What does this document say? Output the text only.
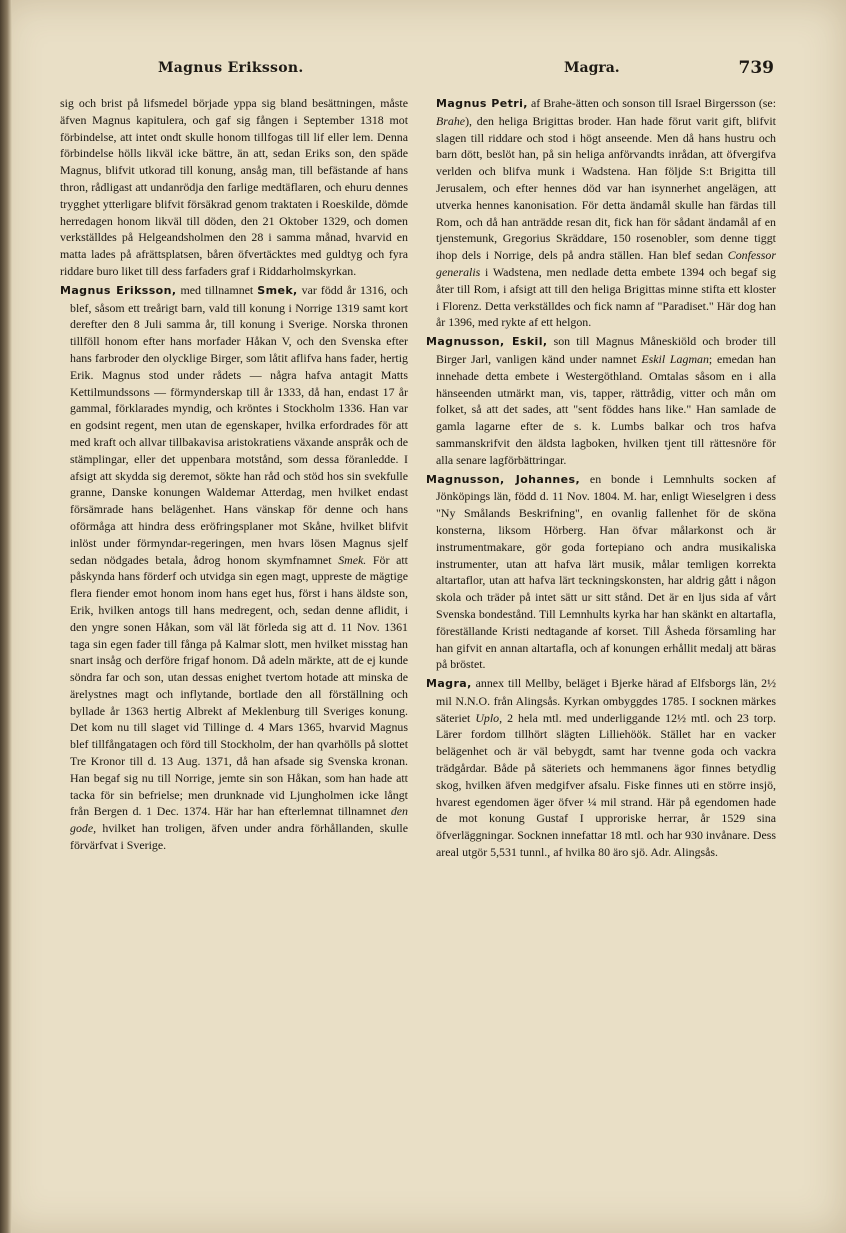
Magnus Eriksson.	Magra.	739

sig och brist på lifsmedel började yppa sig bland besättningen, måste äfven Magnus kapitulera, och gaf sig fången i September 1318 mot förbindelse, att intet ondt skulle honom tillfogas till lif eller lem. Denna förbindelse hölls likväl icke bättre, än att, sedan Eriks son, den späde Magnus, blifvit utkorad till konung, ansåg man, till befästande af hans thron, rådligast att undanrödja den farlige medtäflaren, och ehuru dennes trygghet ytterligare blifvit försäkrad genom traktaten i Roeskilde, dömde herredagen honom likväl till döden, den 21 Oktober 1329, och domen verkställdes på Helgeandsholmen den 28 i samma månad, hvarvid en matta lades på afrättsplatsen, båren öfvertäcktes med guldtyg och fyra riddare buro liket till dess farfaders graf i Riddarholmskyrkan.

Magnus Eriksson, med tillnamnet Smek, var född år 1316, och blef, såsom ett treårigt barn, vald till konung i Norrige 1319 samt kort derefter den 8 Juli samma år, till konung i Sverige. Norska thronen tillföll honom efter hans morfader Håkan V, och den Svenska efter hans farbroder den olycklige Birger, som låtit aflifva hans fader, hertig Erik. Magnus stod under rådets — några hafva antagit Matts Kettilmundssons — förmynderskap till år 1333, då han, endast 17 år gammal, förklarades myndig, och kröntes i Stockholm 1336. Han var en godsint regent, men utan de egenskaper, hvilka erfordrades för att med kraft och allvar tillbakavisa aristokratiens växande anspråk och de stämplingar, eller det uppenbara motstånd, som dessa föranledde. I afsigt att skydda sig deremot, sökte han råd och stöd hos sin svekfulle granne, Danske konungen Waldemar Atterdag, men hvilket endast försämrade hans belägenhet. Hans vänskap för denne och hans oförmåga att hindra dess eröfringsplaner mot Skåne, hvilket blifvit inlöst under förmyndar-regeringen, men hvars lösen Magnus sjelf sedan nödgades betala, ådrog honom skymfnamnet Smek. För att påskynda hans förderf och utvidga sin egen magt, uppreste de mägtige flera fiender emot honom inom hans eget hus, först i hans äldste son, Erik, hvilken antogs till hans medregent, och, sedan denne aflidit, i den yngre sonen Håkan, som väl lät förleda sig att d. 11 Nov. 1361 taga sin egen fader till fånga på Kalmar slott, men hvilket misstag han snart insåg och derföre frigaf honom. Då adeln märkte, att de ej kunde söndra far och son, utan dessas enighet tvertom hotade att minska de ärelystnes magt och inflytande, bortlade den all förställning och byllade år 1363 hertig Albrekt af Meklenburg till Sveriges konung. Det kom nu till slaget vid Tillinge d. 4 Mars 1365, hvarvid Magnus blef tillfångatagen och förd till Stockholm, der han qvarhölls på slottet Tre Kronor till d. 13 Aug. 1371, då han afsade sig Svenska kronan. Han begaf sig nu till Norrige, jemte sin son Håkan, som han hade att tacka för sin befrielse; men drunknade vid Ljungholmen icke långt från Bergen d. 1 Dec. 1374. Här har han efterlemnat tillnamnet den gode, hvilket han troligen, äfven under andra förhållanden, skulle förvärfvat i Sverige.

Magnus Petri, af Brahe-ätten och sonson till Israel Birgersson (se: Brahe), den heliga Brigittas broder. Han hade förut varit gift, blifvit slagen till riddare och stod i högt anseende. Men då hans hustru och barn dött, beslöt han, på sin heliga anförvandts inrådan, att öfvergifva verlden och blifva munk i Wadstena. Han följde S:t Brigitta till Jerusalem, och efter hennes död var han isynnerhet angelägen, att utverka hennes kanonisation. För detta ändamål skulle han färdas till Rom, och då han anträdde resan dit, fick han för sådant ändamål af en tjenstemunk, Gregorius Skräddare, 150 rosenobler, som denne tiggt ihop dels i Norrige, dels på andra ställen. Han blef sedan Confessor generalis i Wadstena, men nedlade detta embete 1394 och begaf sig åter till Rom, i afsigt att till den heliga Brigittas minne stifta ett kloster i Florenz. Detta verkställdes och fick namn af "Paradiset." Här dog han år 1396, med rykte af ett helgon.

Magnusson, Eskil, son till Magnus Måneskiöld och broder till Birger Jarl, vanligen känd under namnet Eskil Lagman; emedan han innehade detta embete i Westergöthland. Omtalas såsom en i alla hänseenden utmärkt man, vis, tapper, rättrådig, vitter och mån om folket, så att det sades, att "sent föddes hans like." Han samlade de gamla lagarne efter de s. k. Lumbs balkar och tros hafva sammanskrifvit den äldsta lagboken, hvilken tjent till rättesnöre för alla senare lagförbättringar.

Magnusson, Johannes, en bonde i Lemnhults socken af Jönköpings län, född d. 11 Nov. 1804. M. har, enligt Wieselgren i dess "Ny Smålands Beskrifning", en ovanlig fallenhet för de sköna konsterna, liksom Hörberg. Han öfvar målarkonst och är instrumentmakare, gör goda fortepiano och andra musikaliska instrumenter, utan att hafva lärt musik, målar temligen korrekta altartaflor, utan att hafva lärt teckningskonsten, har aldrig gått i någon skola och träder på intet sätt ur sitt stånd. Det är en ljus sida af vårt Svenska bondestånd. Till Lemnhults kyrka har han skänkt en altartafla, föreställande Kristi nedtagande af korset. Till Åsheda församling har han gifvit en annan altartafla, och af konungen erhållit medalj att bäras på bröstet.

Magra, annex till Mellby, beläget i Bjerke härad af Elfsborgs län, 2½ mil N.N.O. från Alingsås. Kyrkan ombyggdes 1785. I socknen märkes säteriet Uplo, 2 hela mtl. med underliggande 12½ mtl. och 23 torp. Lärer fordom tillhört slägten Lilliehöök. Stället har en vacker belägenhet och är väl bebygdt, samt har tvenne goda och vackra trädgårdar. Både på säteriets och hemmanens ägor finnes betydlig skog, hvilken äfven medgifver afsalu. Fiske finnes uti en större insjö, hvarest egendomen äger öfver ¼ mil strand. Här på egendomen hade de mot konung Gustaf I upproriske herrar, år 1529 sina öfverläggningar. Socknen innefattar 18 mtl. och har 930 invånare. Dess areal utgör 5,531 tunnl., af hvilka 80 äro sjö. Adr. Alingsås.
